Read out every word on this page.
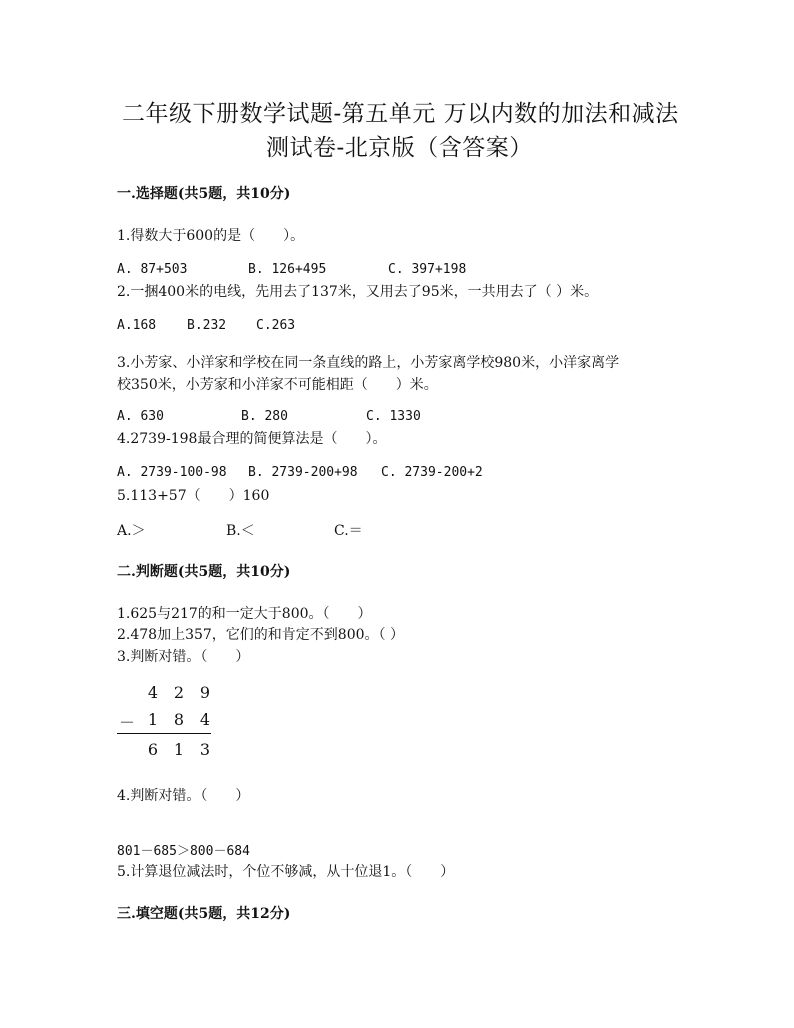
二年级下册数学试题-第五单元 万以内数的加法和减法
测试卷-北京版（含答案）
一.选择题(共5题，共10分)
1.得数大于600的是（　　）。
A. 87+503	B. 126+495	C. 397+198
2.一捆400米的电线，先用去了137米，又用去了95米，一共用去了（ ）米。
A.168 B.232 C.263
3.小芳家、小洋家和学校在同一条直线的路上，小芳家离学校980米，小洋家离学
校350米，小芳家和小洋家不可能相距（　　）米。
A. 630	B. 280	C. 1330
4.2739-198最合理的简便算法是（　　）。
A. 2739-100-98 B. 2739-200+98 C. 2739-200+2
5.113+57（　　）160
A.＞	B.＜	C.＝
二.判断题(共5题，共10分)
1.625与217的和一定大于800。（　　）
2.478加上357，它们的和肯定不到800。（ ）
3.判断对错。（　　）
4 2 9
－ 1 8 4
6 1 3
4.判断对错。（　　）
801－685＞800－684
5.计算退位减法时，个位不够减，从十位退1。（　　）
三.填空题(共5题，共12分)
